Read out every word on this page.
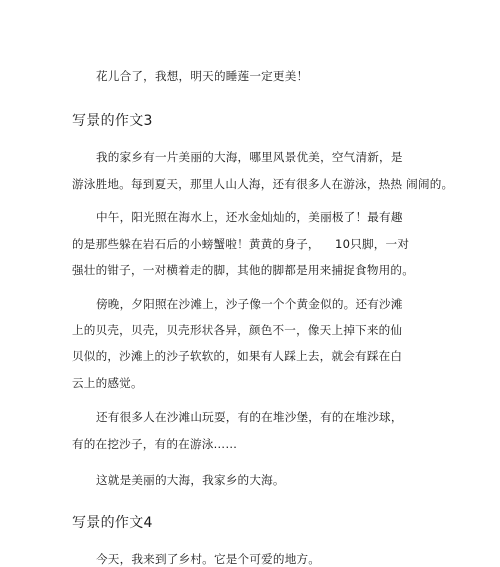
花儿合了，我想，明天的睡莲一定更美！
写景的作文3
我的家乡有一片美丽的大海，哪里风景优美，空气清新，是
游泳胜地。每到夏天，那里人山人海，还有很多人在游泳，热热 闹闹的。
中午，阳光照在海水上，还水金灿灿的，美丽极了！最有趣
的是那些躲在岩石后的小螃蟹啦！黄黄的身子， 10只脚，一对
强壮的钳子，一对横着走的脚，其他的脚都是用来捕捉食物用的。
傍晚，夕阳照在沙滩上，沙子像一个个黄金似的。还有沙滩
上的贝壳，贝壳，贝壳形状各异，颜色不一，像天上掉下来的仙
贝似的，沙滩上的沙子软软的，如果有人踩上去，就会有踩在白
云上的感觉。
还有很多人在沙滩山玩耍，有的在堆沙堡，有的在堆沙球，
有的在挖沙子，有的在游泳……
这就是美丽的大海，我家乡的大海。
写景的作文4
今天，我来到了乡村。它是个可爱的地方。
